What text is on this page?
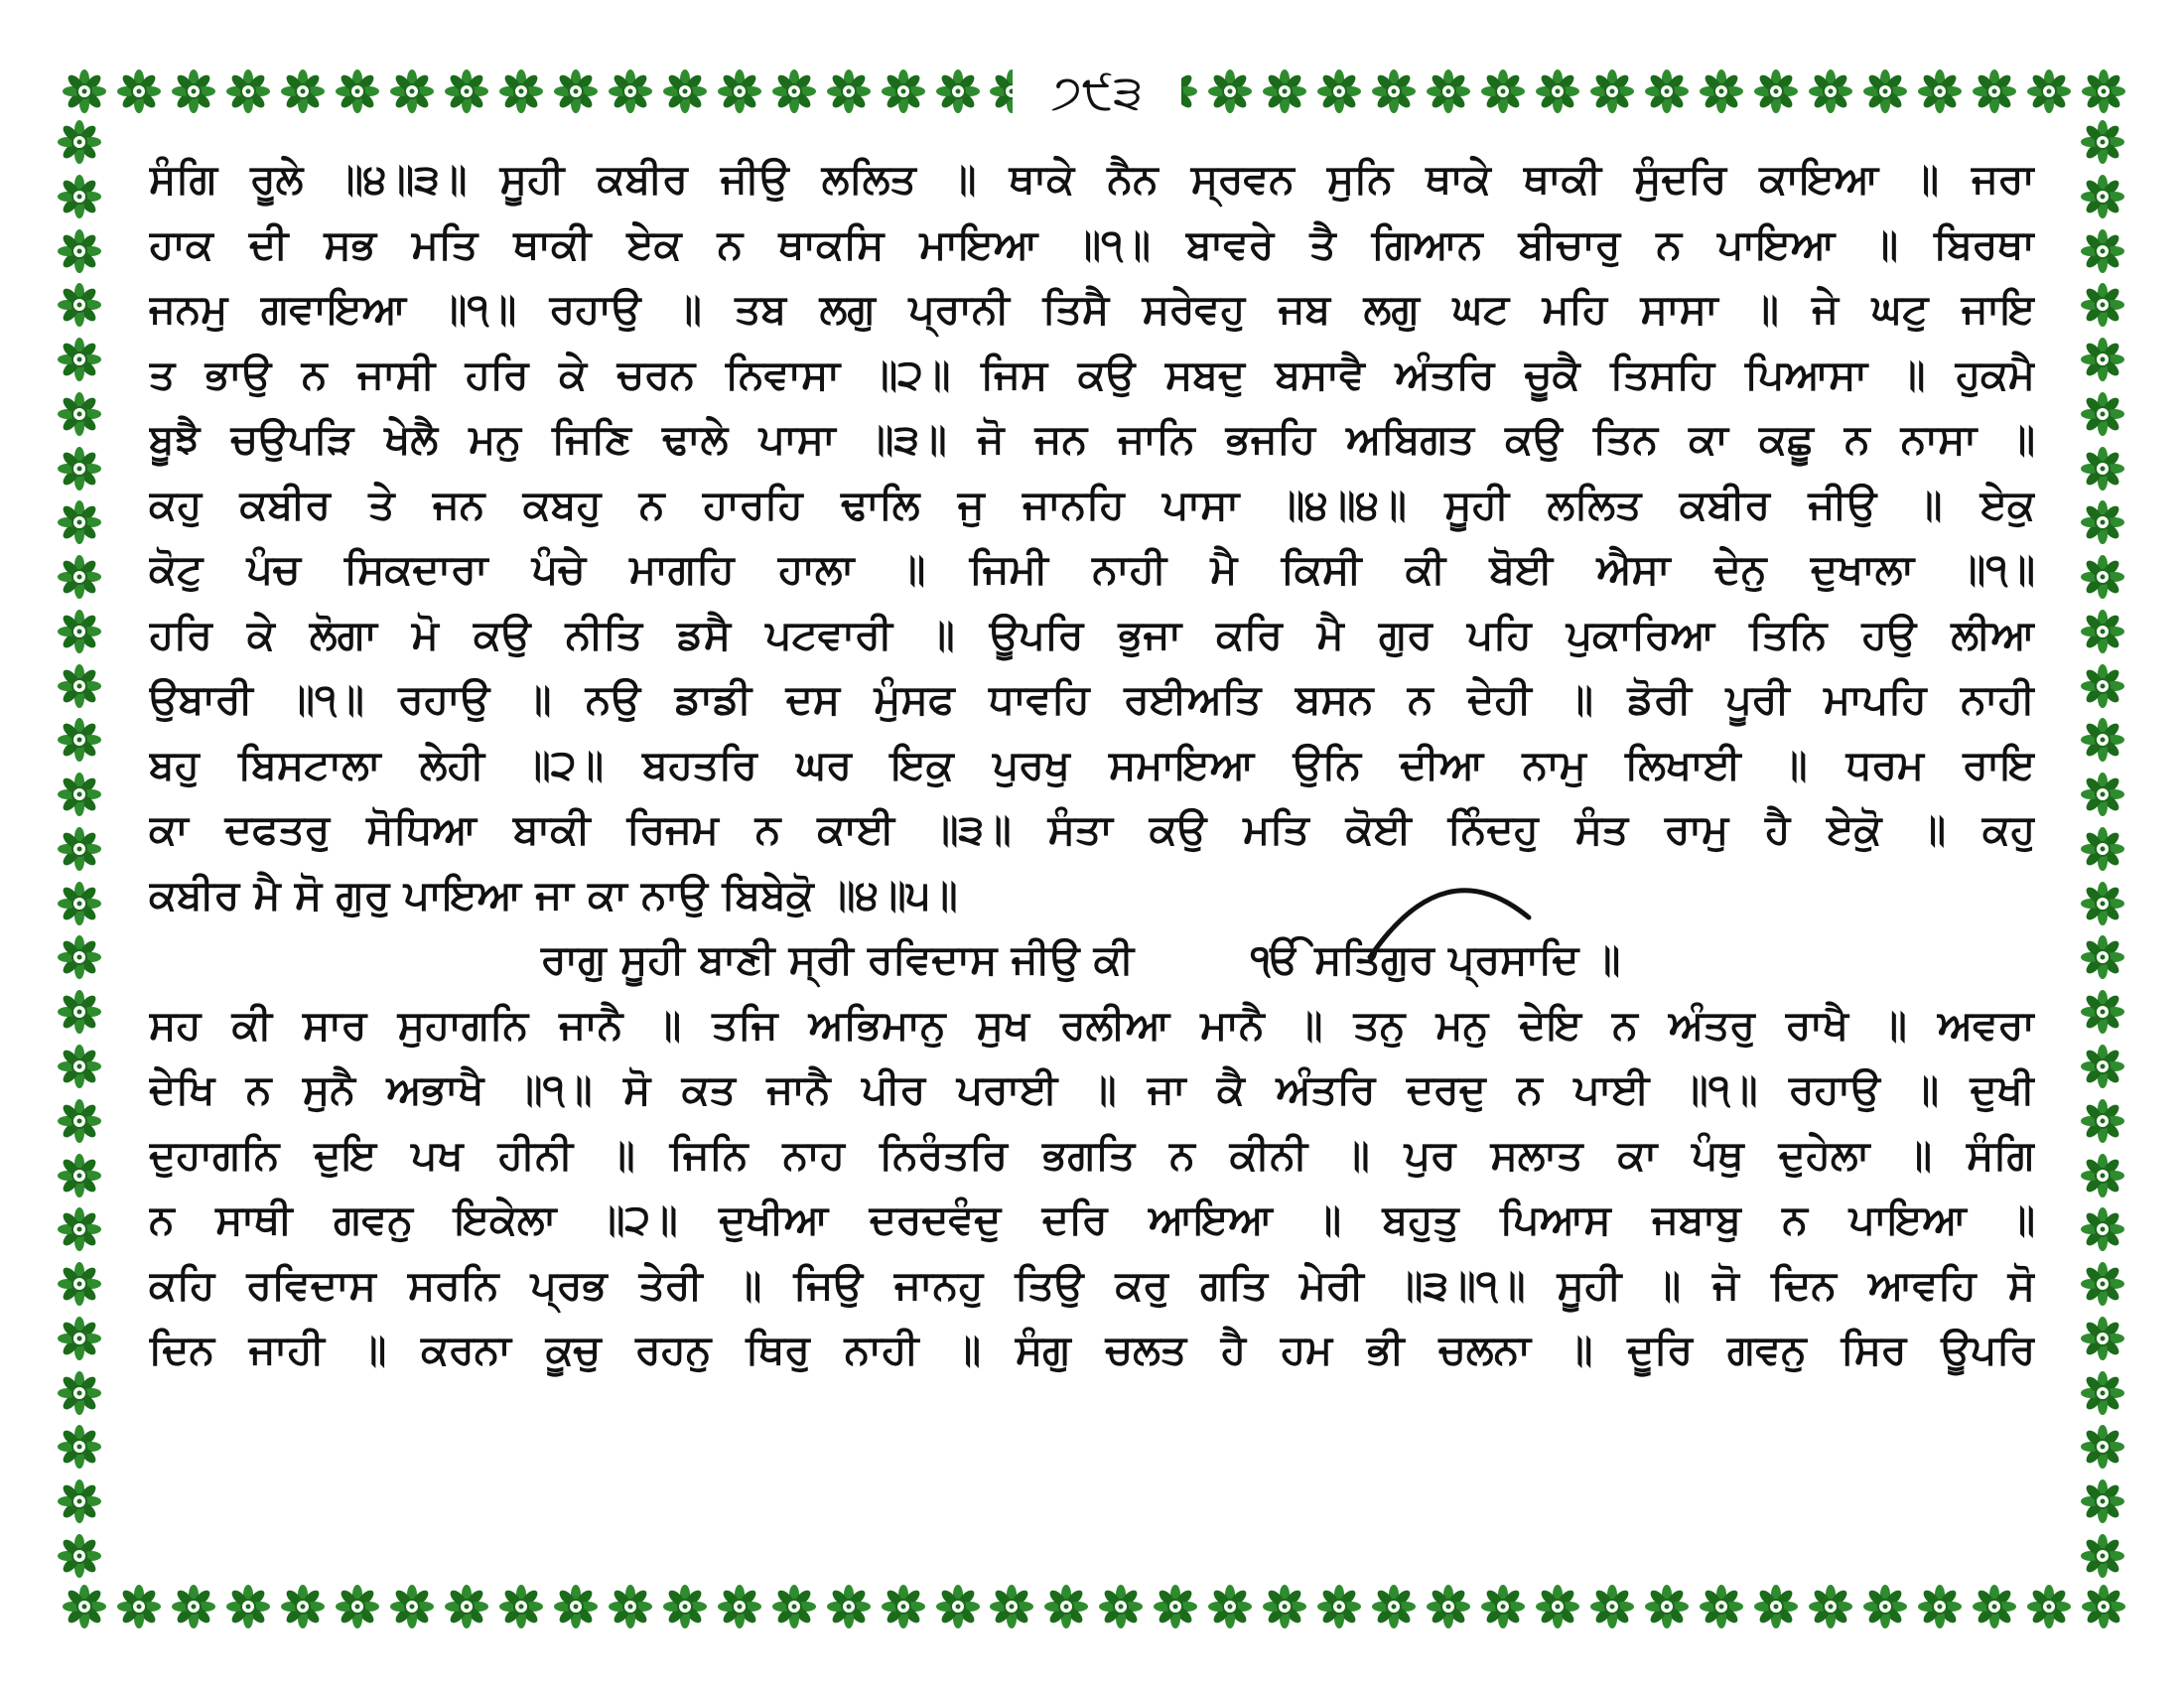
੭੯੩
ਸੰਗਿ ਰੂਲੇ ॥੪॥੩॥ ਸੂਹੀ ਕਬੀਰ ਜੀਉ ਲਲਿਤ ॥ ਥਾਕੇ ਨੈਨ ਸ੍ਰਵਨ ਸੁਨਿ ਥਾਕੇ ਥਾਕੀ ਸੁੰਦਰਿ ਕਾਇਆ ॥ ਜਰਾ
ਹਾਕ ਦੀ ਸਭ ਮਤਿ ਥਾਕੀ ਏਕ ਨ ਥਾਕਸਿ ਮਾਇਆ ॥੧॥ ਬਾਵਰੇ ਤੈ ਗਿਆਨ ਬੀਚਾਰੁ ਨ ਪਾਇਆ ॥ ਬਿਰਥਾ
ਜਨਮੁ ਗਵਾਇਆ ॥੧॥ ਰਹਾਉ ॥ ਤਬ ਲਗੁ ਪ੍ਰਾਨੀ ਤਿਸੈ ਸਰੇਵਹੁ ਜਬ ਲਗੁ ਘਟ ਮਹਿ ਸਾਸਾ ॥ ਜੇ ਘਟੁ ਜਾਇ
ਤ ਭਾਉ ਨ ਜਾਸੀ ਹਰਿ ਕੇ ਚਰਨ ਨਿਵਾਸਾ ॥੨॥ ਜਿਸ ਕਉ ਸਬਦੁ ਬਸਾਵੈ ਅੰਤਰਿ ਚੂਕੈ ਤਿਸਹਿ ਪਿਆਸਾ ॥ ਹੁਕਮੈ
ਬੂਝੈ ਚਉਪੜਿ ਖੇਲੈ ਮਨੁ ਜਿਣਿ ਢਾਲੇ ਪਾਸਾ ॥੩॥ ਜੋ ਜਨ ਜਾਨਿ ਭਜਹਿ ਅਬਿਗਤ ਕਉ ਤਿਨ ਕਾ ਕਛੂ ਨ ਨਾਸਾ ॥
ਕਹੁ ਕਬੀਰ ਤੇ ਜਨ ਕਬਹੁ ਨ ਹਾਰਹਿ ਢਾਲਿ ਜੁ ਜਾਨਹਿ ਪਾਸਾ ॥੪॥੪॥ ਸੂਹੀ ਲਲਿਤ ਕਬੀਰ ਜੀਉ ॥ ਏਕੁ
ਕੋਟੁ ਪੰਚ ਸਿਕਦਾਰਾ ਪੰਚੇ ਮਾਗਹਿ ਹਾਲਾ ॥ ਜਿਮੀ ਨਾਹੀ ਮੈ ਕਿਸੀ ਕੀ ਬੋਈ ਐਸਾ ਦੇਨੁ ਦੁਖਾਲਾ ॥੧॥
ਹਰਿ ਕੇ ਲੋਗਾ ਮੋ ਕਉ ਨੀਤਿ ਡਸੈ ਪਟਵਾਰੀ ॥ ਊਪਰਿ ਭੁਜਾ ਕਰਿ ਮੈ ਗੁਰ ਪਹਿ ਪੁਕਾਰਿਆ ਤਿਨਿ ਹਉ ਲੀਆ
ਉਬਾਰੀ ॥੧॥ ਰਹਾਉ ॥ ਨਉ ਡਾਡੀ ਦਸ ਮੁੰਸਫ ਧਾਵਹਿ ਰਈਅਤਿ ਬਸਨ ਨ ਦੇਹੀ ॥ ਡੋਰੀ ਪੂਰੀ ਮਾਪਹਿ ਨਾਹੀ
ਬਹੁ ਬਿਸਟਾਲਾ ਲੇਹੀ ॥੨॥ ਬਹਤਰਿ ਘਰ ਇਕੁ ਪੁਰਖੁ ਸਮਾਇਆ ਉਨਿ ਦੀਆ ਨਾਮੁ ਲਿਖਾਈ ॥ ਧਰਮ ਰਾਇ
ਕਾ ਦਫਤਰੁ ਸੋਧਿਆ ਬਾਕੀ ਰਿਜਮ ਨ ਕਾਈ ॥੩॥ ਸੰਤਾ ਕਉ ਮਤਿ ਕੋਈ ਨਿੰਦਹੁ ਸੰਤ ਰਾਮੁ ਹੈ ਏਕੋੁ ॥ ਕਹੁ
ਕਬੀਰ ਮੈ ਸੋ ਗੁਰੁ ਪਾਇਆ ਜਾ ਕਾ ਨਾਉ ਬਿਬੇਕੋੁ ॥੪॥੫॥
ਰਾਗੁ ਸੂਹੀ ਬਾਣੀ ਸ੍ਰੀ ਰਵਿਦਾਸ ਜੀਉ ਕੀ	ੴ ਸਤਿਗੁਰ ਪ੍ਰਸਾਦਿ ॥
ਸਹ ਕੀ ਸਾਰ ਸੁਹਾਗਨਿ ਜਾਨੈ ॥ ਤਜਿ ਅਭਿਮਾਨੁ ਸੁਖ ਰਲੀਆ ਮਾਨੈ ॥ ਤਨੁ ਮਨੁ ਦੇਇ ਨ ਅੰਤਰੁ ਰਾਖੈ ॥ ਅਵਰਾ
ਦੇਖਿ ਨ ਸੁਨੈ ਅਭਾਖੈ ॥੧॥ ਸੋ ਕਤ ਜਾਨੈ ਪੀਰ ਪਰਾਈ ॥ ਜਾ ਕੈ ਅੰਤਰਿ ਦਰਦੁ ਨ ਪਾਈ ॥੧॥ ਰਹਾਉ ॥ ਦੁਖੀ
ਦੁਹਾਗਨਿ ਦੁਇ ਪਖ ਹੀਨੀ ॥ ਜਿਨਿ ਨਾਹ ਨਿਰੰਤਰਿ ਭਗਤਿ ਨ ਕੀਨੀ ॥ ਪੁਰ ਸਲਾਤ ਕਾ ਪੰਥੁ ਦੁਹੇਲਾ ॥ ਸੰਗਿ
ਨ ਸਾਥੀ ਗਵਨੁ ਇਕੇਲਾ ॥੨॥ ਦੁਖੀਆ ਦਰਦਵੰਦੁ ਦਰਿ ਆਇਆ ॥ ਬਹੁਤੁ ਪਿਆਸ ਜਬਾਬੁ ਨ ਪਾਇਆ ॥
ਕਹਿ ਰਵਿਦਾਸ ਸਰਨਿ ਪ੍ਰਭ ਤੇਰੀ ॥ ਜਿਉ ਜਾਨਹੁ ਤਿਉ ਕਰੁ ਗਤਿ ਮੇਰੀ ॥੩॥੧॥ ਸੂਹੀ ॥ ਜੋ ਦਿਨ ਆਵਹਿ ਸੋ
ਦਿਨ ਜਾਹੀ ॥ ਕਰਨਾ ਕੂਚੁ ਰਹਨੁ ਥਿਰੁ ਨਾਹੀ ॥ ਸੰਗੁ ਚਲਤ ਹੈ ਹਮ ਭੀ ਚਲਨਾ ॥ ਦੂਰਿ ਗਵਨੁ ਸਿਰ ਊਪਰਿ
